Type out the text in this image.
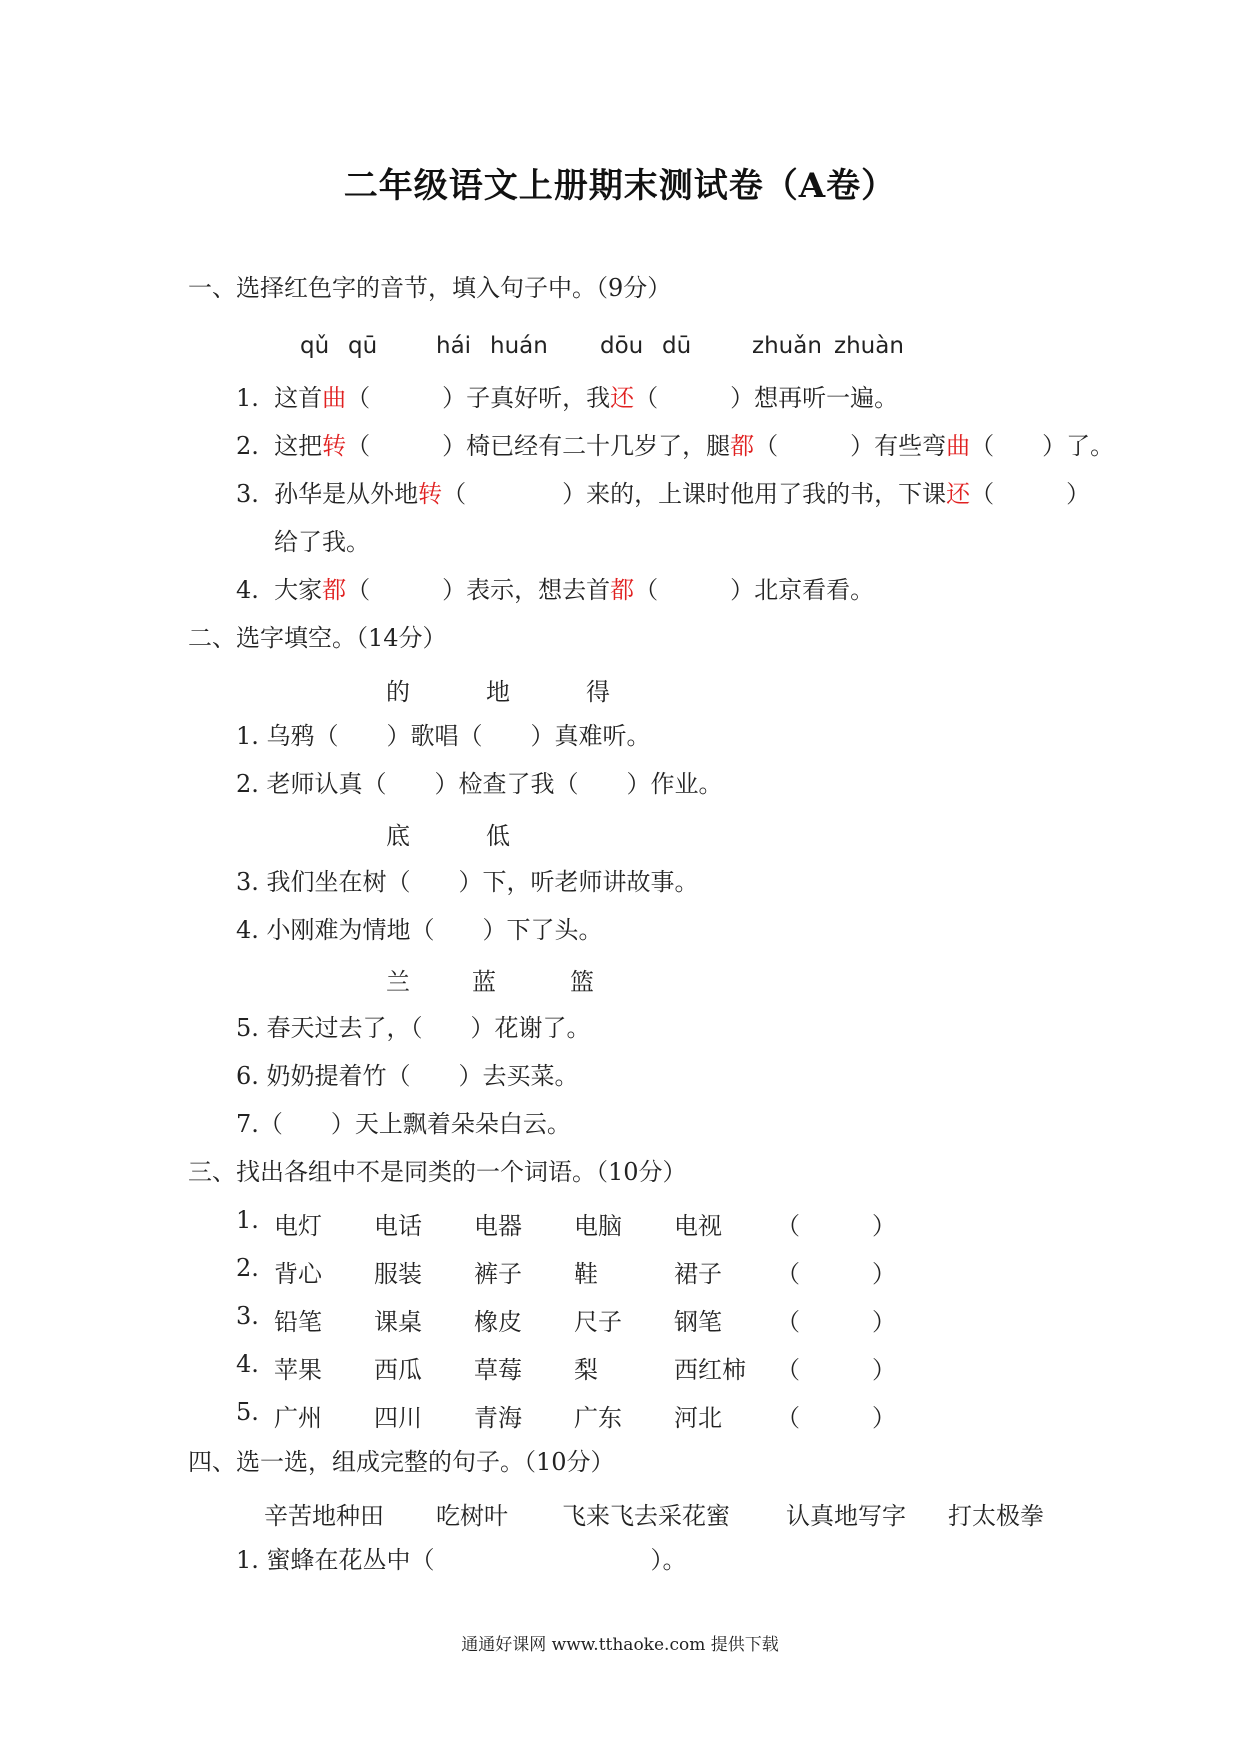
二年级语文上册期末测试卷（A卷）
一、选择红色字的音节，填入句子中。（9分）
qǔ qū	hái huán dōu dū	zhuǎn zhuàn
1. 这首曲（　　　）子真好听，我还（　　　）想再听一遍。
2. 这把转（　　　）椅已经有二十几岁了，腿都（　　　）有些弯曲（　　）了。
3. 孙华是从外地转（　　　　）来的，上课时他用了我的书，下课还（　　　）
给了我。
4. 大家都（　　　）表示，想去首都（　　　）北京看看。
二、选字填空。（14分）
的	地	得
1. 乌鸦（　　）歌唱（　　）真难听。
2. 老师认真（　　）检查了我（　　）作业。
底	低
3. 我们坐在树（　　）下，听老师讲故事。
4. 小刚难为情地（　　）下了头。
兰	蓝	篮
5. 春天过去了，（　　）花谢了。
6. 奶奶提着竹（　　）去买菜。
7.（　　）天上飘着朵朵白云。
三、找出各组中不是同类的一个词语。（10分）
1. 电灯 电话 电器 电脑 电视 （　　　）
2. 背心 服装 裤子 鞋	裙子 （　　　）
3. 铅笔 课桌 橡皮 尺子 钢笔 （　　　）
4. 苹果 西瓜 草莓 梨	西红柿 （　　　）
5. 广州 四川 青海 广东 河北 （　　　）
四、选一选，组成完整的句子。（10分）
辛苦地种田 吃树叶 飞来飞去采花蜜 认真地写字 打太极拳
1. 蜜蜂在花丛中（　　　　　　　　　）。
通通好课网 www.tthaoke.com 提供下载
